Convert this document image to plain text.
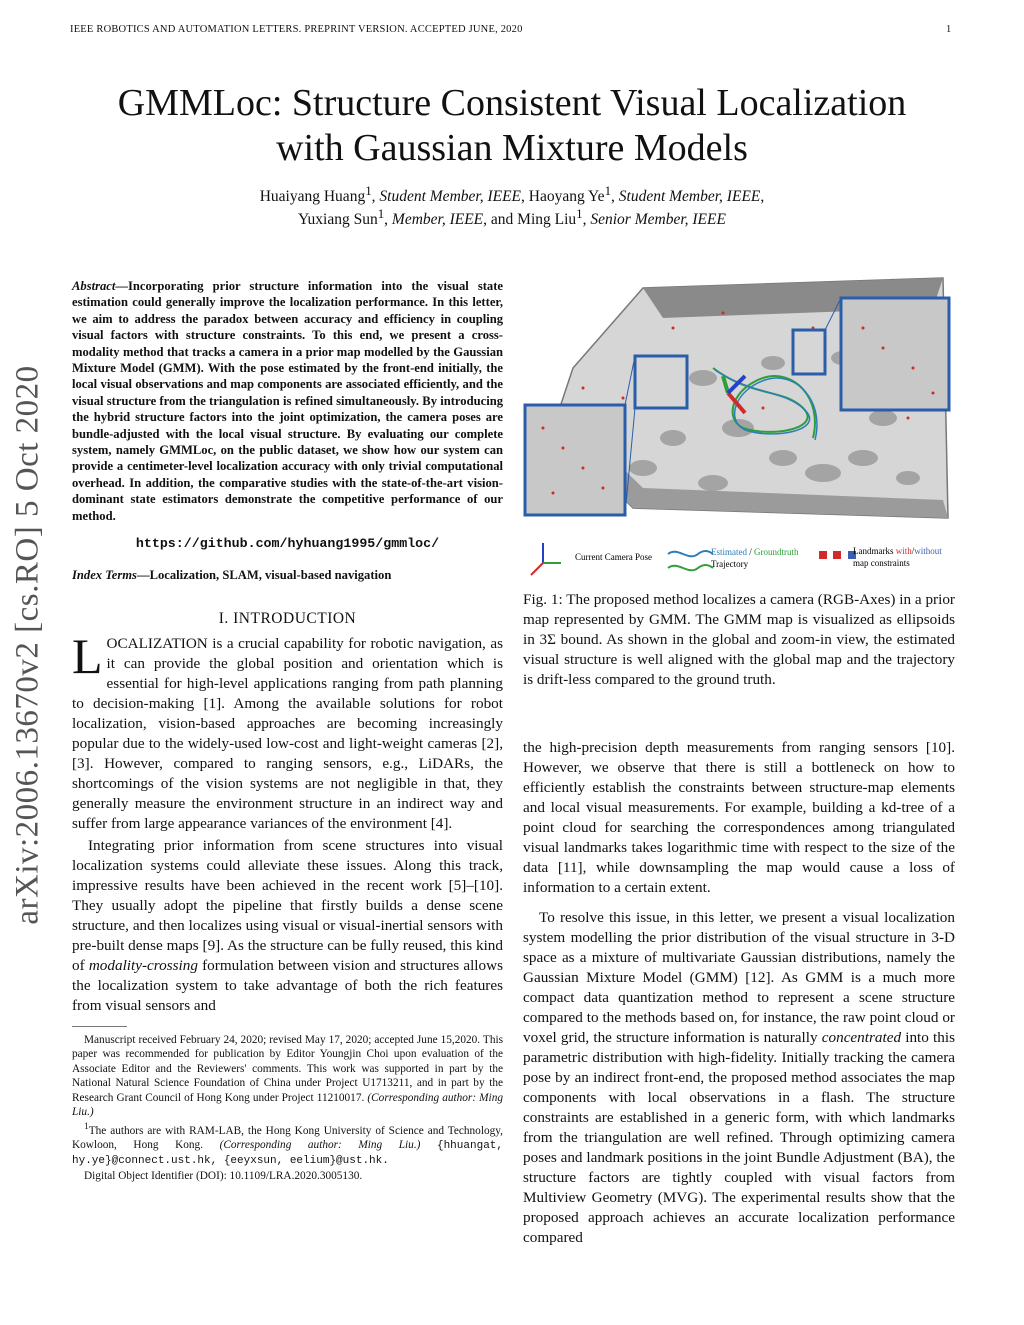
IEEE ROBOTICS AND AUTOMATION LETTERS. PREPRINT VERSION. ACCEPTED JUNE, 2020	1
GMMLoc: Structure Consistent Visual Localization
with Gaussian Mixture Models
Huaiyang Huang$^1$, Student Member, IEEE, Haoyang Ye$^1$, Student Member, IEEE,
Yuxiang Sun$^1$, Member, IEEE, and Ming Liu$^1$, Senior Member, IEEE
arXiv:2006.13670v2 [cs.RO] 5 Oct 2020

Abstract—Incorporating prior structure information into the visual state estimation could generally improve the localization performance. In this letter, we aim to address the paradox between accuracy and efficiency in coupling visual factors with structure constraints. To this end, we present a cross-modality method that tracks a camera in a prior map modelled by the Gaussian Mixture Model (GMM). With the pose estimated by the front-end initially, the local visual observations and map components are associated efficiently, and the visual structure from the triangulation is refined simultaneously. By introducing the hybrid structure factors into the joint optimization, the camera poses are bundle-adjusted with the local visual structure. By evaluating our complete system, namely GMMLoc, on the public dataset, we show how our system can provide a centimeter-level localization accuracy with only trivial computational overhead. In addition, the comparative studies with the state-of-the-art vision-dominant state estimators demonstrate the competitive performance of our method.

https://github.com/hyhuang1995/gmmloc/

Index Terms—Localization, SLAM, visual-based navigation

I. INTRODUCTION

LOCALIZATION is a crucial capability for robotic navigation, as it can provide the global position and orientation which is essential for high-level applications ranging from path planning to decision-making [1]. Among the available solutions for robot localization, vision-based approaches are becoming increasingly popular due to the widely-used low-cost and light-weight cameras [2], [3]. However, compared to ranging sensors, e.g., LiDARs, the shortcomings of the vision systems are not negligible in that, they generally measure the environment structure in an indirect way and suffer from large appearance variances of the environment [4].

Integrating prior information from scene structures into visual localization systems could alleviate these issues. Along this track, impressive results have been achieved in the recent work [5]–[10]. They usually adopt the pipeline that firstly builds a dense scene structure, and then localizes using visual or visual-inertial sensors with pre-built dense maps [9]. As the structure can be fully reused, this kind of modality-crossing formulation between vision and structures allows the localization system to take advantage of both the rich features from visual sensors and

Manuscript received February 24, 2020; revised May 17, 2020; accepted June 15,2020. This paper was recommended for publication by Editor Youngjin Choi upon evaluation of the Associate Editor and the Reviewers' comments. This work was supported in part by the National Natural Science Foundation of China under Project U1713211, and in part by the Research Grant Council of Hong Kong under Project 11210017. (Corresponding author: Ming Liu.)

$^1$The authors are with RAM-LAB, the Hong Kong University of Science and Technology, Kowloon, Hong Kong. (Corresponding author: Ming Liu.) {hhuangat, hy.ye}@connect.ust.hk, {eeyxsun, eelium}@ust.hk.

Digital Object Identifier (DOI): 10.1109/LRA.2020.3005130.

Current Camera Pose	Estimated / Groundtruth
Trajectory
Landmarks with/without
map constraints

Fig. 1: The proposed method localizes a camera (RGB-Axes) in a prior map represented by GMM. The GMM map is visualized as ellipsoids in 3Σ bound. As shown in the global and zoom-in view, the estimated visual structure is well aligned with the global map and the trajectory is drift-less compared to the ground truth.

the high-precision depth measurements from ranging sensors [10]. However, we observe that there is still a bottleneck on how to efficiently establish the constraints between structure-map elements and local visual measurements. For example, building a kd-tree of a point cloud for searching the correspondences among triangulated visual landmarks takes logarithmic time with respect to the size of the data [11], while downsampling the map would cause a loss of information to a certain extent.

To resolve this issue, in this letter, we present a visual localization system modelling the prior distribution of the visual structure in 3-D space as a mixture of multivariate Gaussian distributions, namely the Gaussian Mixture Model (GMM) [12]. As GMM is a much more compact data quantization method to represent a scene structure compared to the methods based on, for instance, the raw point cloud or voxel grid, the structure information is naturally concentrated into this parametric distribution with high-fidelity. Initially tracking the camera pose by an indirect front-end, the proposed method associates the map components with local observations in a flash. The structure constraints are established in a generic form, with which landmarks from the triangulation are well refined. Through optimizing camera poses and landmark positions in the joint Bundle Adjustment (BA), the structure factors are tightly coupled with visual factors from Multiview Geometry (MVG). The experimental results show that the proposed approach achieves an accurate localization performance compared
